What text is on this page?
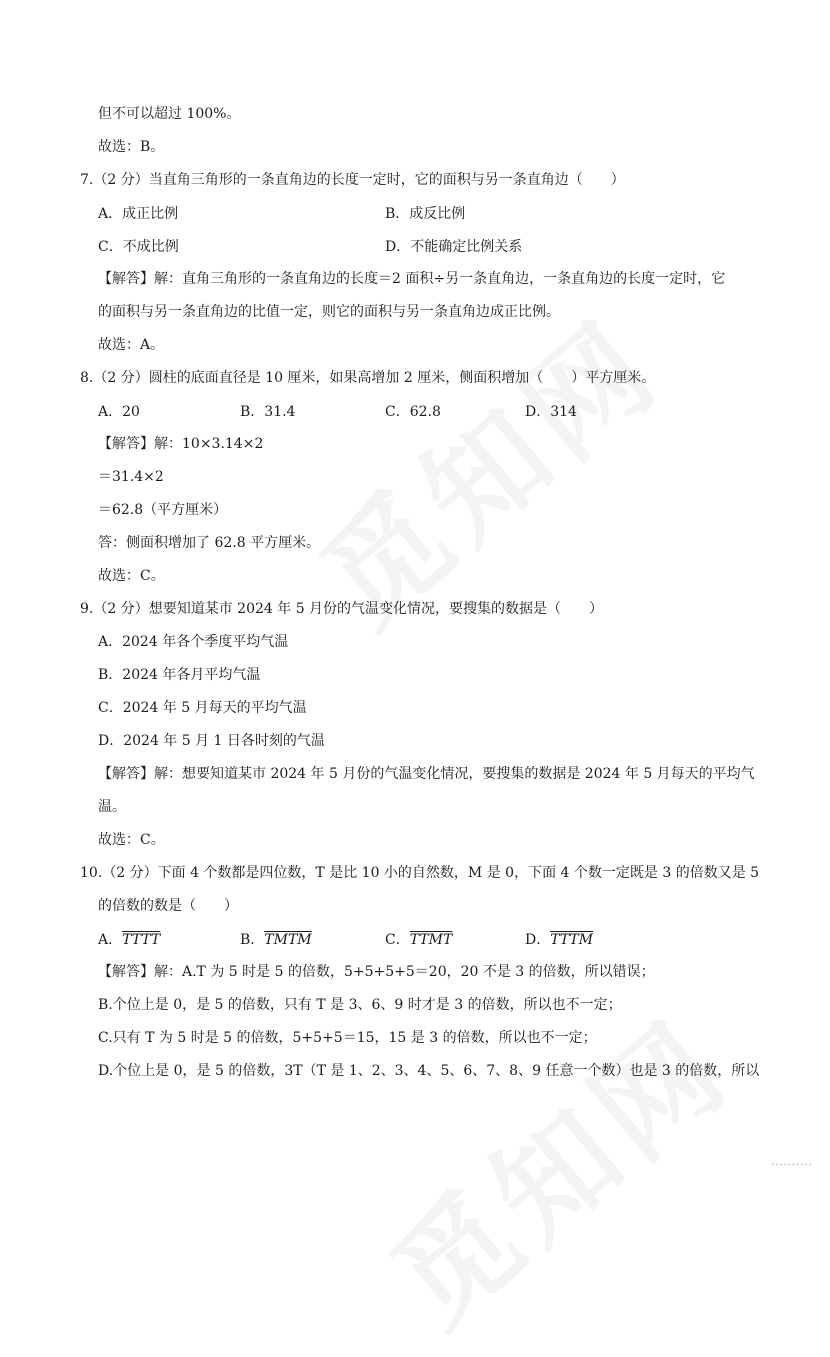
但不可以超过 100%。
故选：B。
7.（2 分）当直角三角形的一条直角边的长度一定时，它的面积与另一条直角边（　　）
A．成正比例	B．成反比例
C．不成比例	D．不能确定比例关系
【解答】解：直角三角形的一条直角边的长度＝2 面积÷另一条直角边，一条直角边的长度一定时，它
的面积与另一条直角边的比值一定，则它的面积与另一条直角边成正比例。
故选：A。
8.（2 分）圆柱的底面直径是 10 厘米，如果高增加 2 厘米，侧面积增加（　　）平方厘米。
A．20	B．31.4	C．62.8	D．314
【解答】解：10×3.14×2
＝31.4×2
＝62.8（平方厘米）
答：侧面积增加了 62.8 平方厘米。
故选：C。
9.（2 分）想要知道某市 2024 年 5 月份的气温变化情况，要搜集的数据是（　　）
A．2024 年各个季度平均气温
B．2024 年各月平均气温
C．2024 年 5 月每天的平均气温
D．2024 年 5 月 1 日各时刻的气温
【解答】解：想要知道某市 2024 年 5 月份的气温变化情况，要搜集的数据是 2024 年 5 月每天的平均气
温。
故选：C。
10.（2 分）下面 4 个数都是四位数，T 是比 10 小的自然数，M 是 0，下面 4 个数一定既是 3 的倍数又是 5
的倍数的数是（　　）
A．TTTT	B．TMTM	C．TTMT	D．TTTM
【解答】解：A.T 为 5 时是 5 的倍数，5+5+5+5＝20，20 不是 3 的倍数，所以错误；
B.个位上是 0，是 5 的倍数，只有 T 是 3、6、9 时才是 3 的倍数，所以也不一定；
C.只有 T 为 5 时是 5 的倍数，5+5+5＝15，15 是 3 的倍数，所以也不一定；
D.个位上是 0，是 5 的倍数，3T（T 是 1、2、3、4、5、6、7、8、9 任意一个数）也是 3 的倍数，所以
••••••••••
